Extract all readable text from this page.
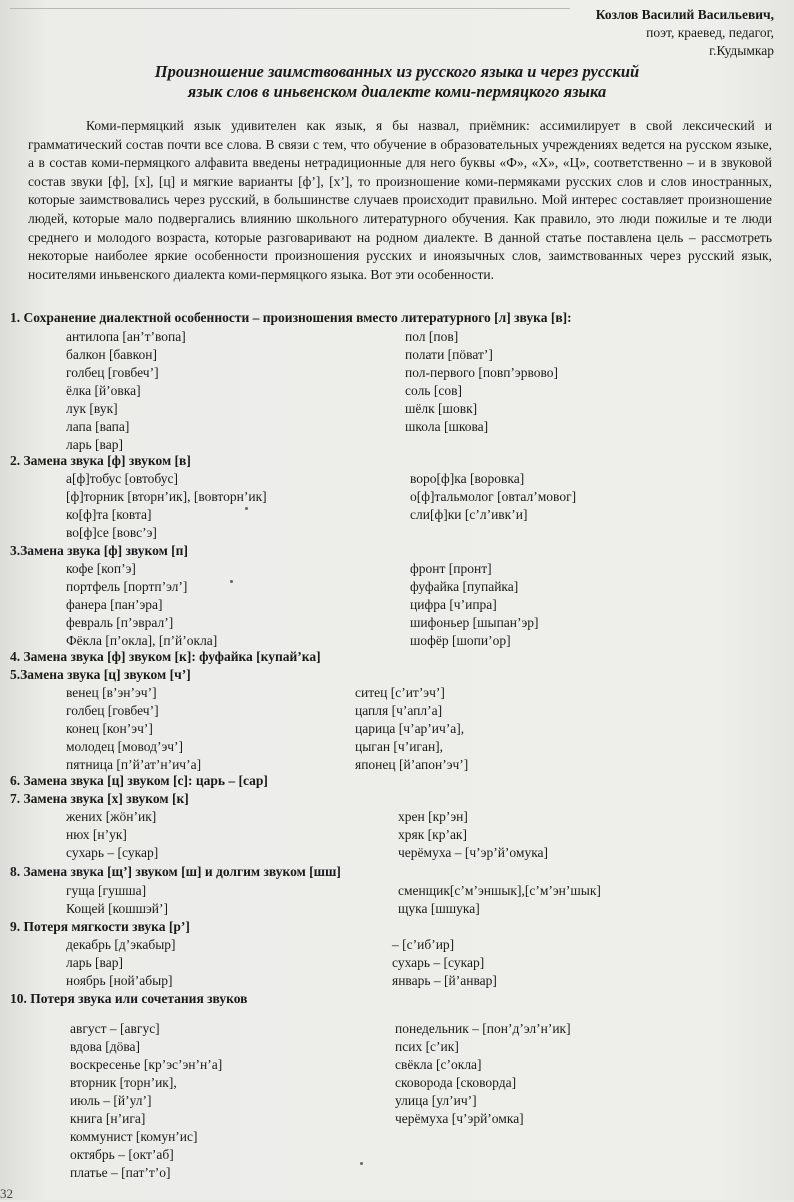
Козлов Василий Васильевич,
поэт, краевед, педагог,
г.Кудымкар
Произношение заимствованных из русского языка и через русский
язык слов в иньвенском диалекте коми-пермяцкого языка
Коми-пермяцкий язык удивителен как язык, я бы назвал, приёмник: ассимилирует в свой лексический и грамматический состав почти все слова. В связи с тем, что обучение в образовательных учреждениях ведется на русском языке, а в состав коми-пермяцкого алфавита введены нетрадиционные для него буквы «Ф», «Х», «Ц», соответственно – и в звуковой состав звуки [ф], [х], [ц] и мягкие варианты [ф’], [х’], то произношение коми-пермяками русских слов и слов иностранных, которые заимствовались через русский, в большинстве случаев происходит правильно. Мой интерес составляет произношение людей, которые мало подвергались влиянию школьного литературного обучения. Как правило, это люди пожилые и те люди среднего и молодого возраста, которые разговаривают на родном диалекте. В данной статье поставлена цель – рассмотреть некоторые наиболее яркие особенности произношения русских и иноязычных слов, заимствованных через русский язык, носителями иньвенского диалекта коми-пермяцкого языка. Вот эти особенности.
1. Сохранение диалектной особенности – произношения вместо литературного [л] звука [в]:
антилопа [ан’т’вопа]
балкон [бавкон]
голбец [говбеч’]
ёлка [й’овка]
лук [вук]
лапа [вапа]
ларь [вар]
пол [пов]
полати [пöват’]
пол-первого [повп’эрвово]
соль [сов]
шёлк [шовк]
школа [шкова]
2. Замена звука [ф] звуком [в]
а[ф]тобус [овтобус]
[ф]торник [вторн’ик], [вовторн’ик]
ко[ф]та [ковта]
во[ф]се [вовс’э]
воро[ф]ка [воровка]
о[ф]тальмолог [овтал’мовог]
сли[ф]ки [с’л’ивк’и]
3.Замена звука [ф] звуком [п]
кофе [коп’э]
портфель [портп’эл’]
фанера [пан’эра]
февраль [п’эврал’]
Фёкла [п’окла], [п’й’окла]
фронт [пронт]
фуфайка [пупайка]
цифра [ч’ипра]
шифоньер [шыпан’эр]
шофёр [шопи’ор]
4. Замена звука [ф] звуком [к]: фуфайка [купай’ка]
5.Замена звука [ц] звуком [ч’]
венец [в’эн’эч’]
голбец [говбеч’]
конец [кон’эч’]
молодец [мовод’эч’]
пятница [п’й’ат’н’ич’а]
ситец [с’ит’эч’]
цапля [ч’апл’а]
царица [ч’ар’ич’а],
цыган [ч’иган],
японец [й’апон’эч’]
6. Замена звука [ц] звуком [с]: царь – [сар]
7. Замена звука [х] звуком [к]
жених [жöн’ик]
нюх [н’ук]
сухарь – [сукар]
хрен [кр’эн]
хряк [кр’ак]
черёмуха – [ч’эр’й’омука]
8. Замена звука [щ’] звуком [ш] и долгим звуком [шш]
гуща [гушша]
Кощей [кошшэй’]
сменщик[с’м’эншык],[с’м’эн’шык]
щука [шшука]
9. Потеря мягкости звука [р’]
декабрь [д’экабыр]
ларь [вар]
ноябрь [ной’абыр]
– [с’иб’ир]
сухарь – [сукар]
январь – [й’анвар]
10. Потеря звука или сочетания звуков
август – [авгус]
вдова [дöва]
воскресенье [кр’эс’эн’н’а]
вторник [торн’ик],
июль – [й’ул’]
книга [н’ига]
коммунист [комун’ис]
октябрь – [окт’аб]
платье – [пат’т’о]
понедельник – [пон’д’эл’н’ик]
псих [с’ик]
свёкла [с’окла]
сковорода [сковорда]
улица [ул’ич’]
черёмуха [ч’эрй’омка]
32
